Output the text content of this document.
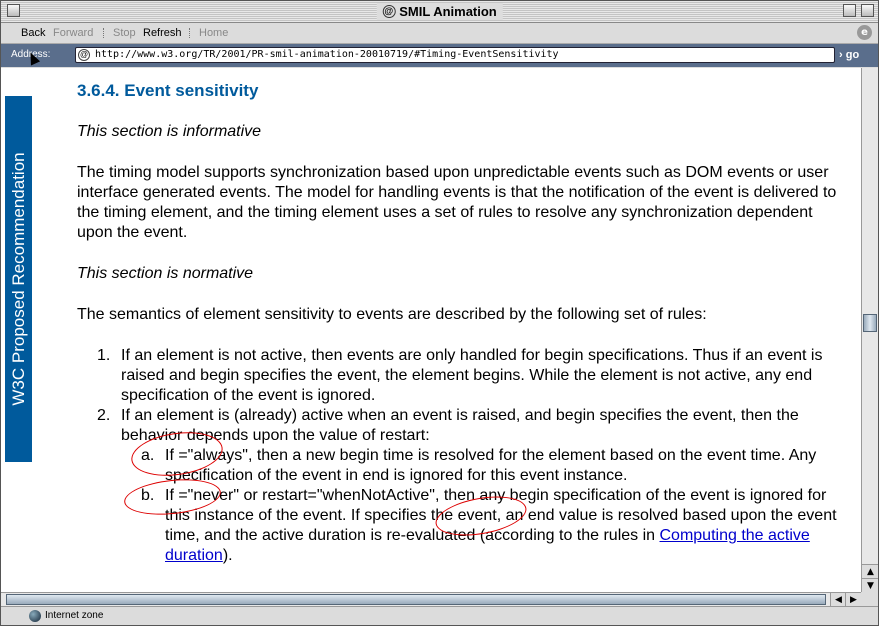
@ SMIL Animation
Back Forward Stop Refresh Home	e
Address:	@ http://www.w3.org/TR/2001/PR-smil-animation-20010719/#Timing-EventSensitivity	› go
W3C Proposed Recommendation
3.6.4. Event sensitivity
This section is informative
The timing model supports synchronization based upon unpredictable events such as DOM events or user interface generated events. The model for handling events is that the notification of the event is delivered to the timing element, and the timing element uses a set of rules to resolve any synchronization dependent upon the event.
This section is normative
The semantics of element sensitivity to events are described by the following set of rules:
1. If an element is not active, then events are only handled for begin specifications. Thus if an event is raised and begin specifies the event, the element begins. While the element is not active, any end specification of the event is ignored.
2. If an element is (already) active when an event is raised, and begin specifies the event, then the behavior depends upon the value of restart:
a. If ="always", then a new begin time is resolved for the element based on the event time. Any specification of the event in end is ignored for this event instance.
b. If ="never" or restart="whenNotActive", then any begin specification of the event is ignored for this instance of the event. If specifies the event, an end value is resolved based upon the event time, and the active duration is re-evaluated (according to the rules in Computing the active duration).
▲
▼
◀ ▶
Internet zone
